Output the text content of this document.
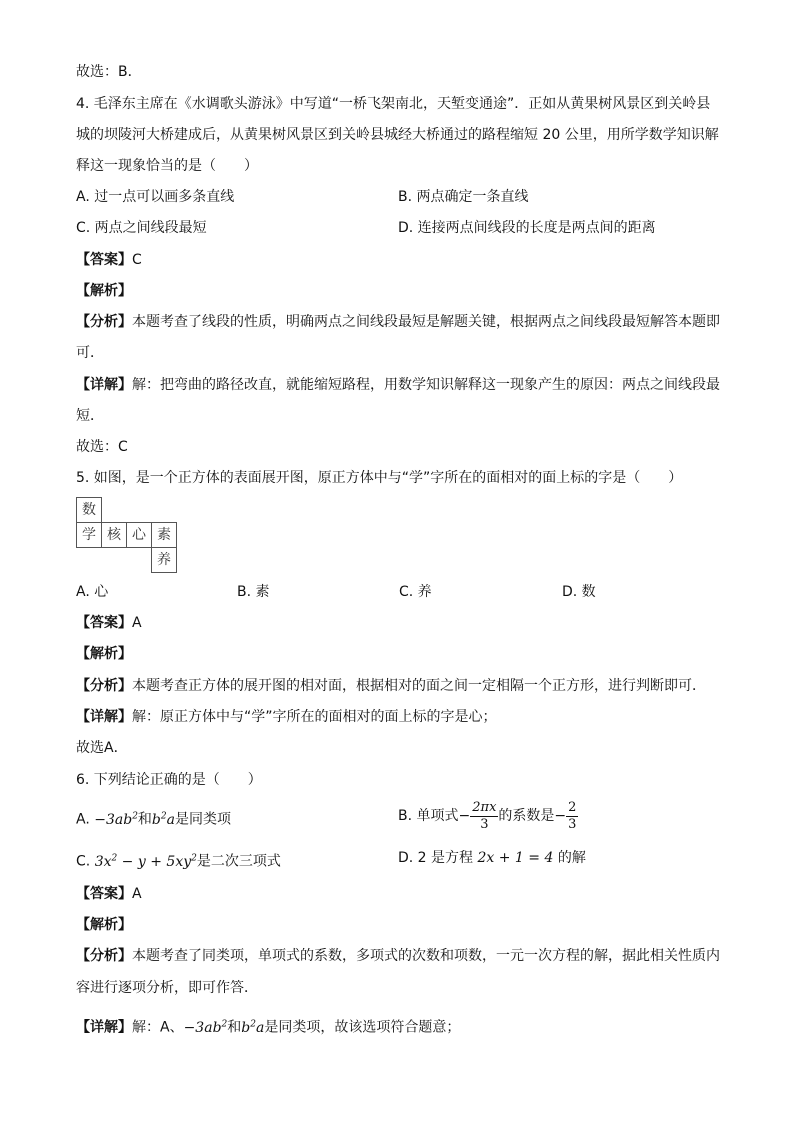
故选：B．
4. 毛泽东主席在《水调歌头游泳》中写道“一桥飞架南北，天堑变通途”．正如从黄果树风景区到关岭县
城的坝陵河大桥建成后，从黄果树风景区到关岭县城经大桥通过的路程缩短 20 公里，用所学数学知识解
释这一现象恰当的是（　　）
A. 过一点可以画多条直线	B. 两点确定一条直线
C. 两点之间线段最短	D. 连接两点间线段的长度是两点间的距离
【答案】C
【解析】
【分析】本题考查了线段的性质，明确两点之间线段最短是解题关键，根据两点之间线段最短解答本题即
可．
【详解】解：把弯曲的路径改直，就能缩短路程，用数学知识解释这一现象产生的原因：两点之间线段最
短．
故选：C
5. 如图，是一个正方体的表面展开图，原正方体中与“学”字所在的面相对的面上标的字是（　　）
数
学 核 心 素
养
A. 心	B. 素	C. 养	D. 数
【答案】A
【解析】
【分析】本题考查正方体的展开图的相对面，根据相对的面之间一定相隔一个正方形，进行判断即可．
【详解】解：原正方体中与“学”字所在的面相对的面上标的字是心；
故选A．
6. 下列结论正确的是（　　）
A. $-3ab^2$和$b^2a$是同类项	B. 单项式− $\frac{2\pi x}{3}$ 的系数是− $\frac{2}{3}$
C. $3x^2 - y + 5xy^2$是二次三项式	D. 2 是方程 2x + 1 = 4 的解
【答案】A
【解析】
【分析】本题考查了同类项，单项式的系数，多项式的次数和项数，一元一次方程的解，据此相关性质内
容进行逐项分析，即可作答．
【详解】解：A、$-3ab^2$和$b^2a$是同类项，故该选项符合题意；
